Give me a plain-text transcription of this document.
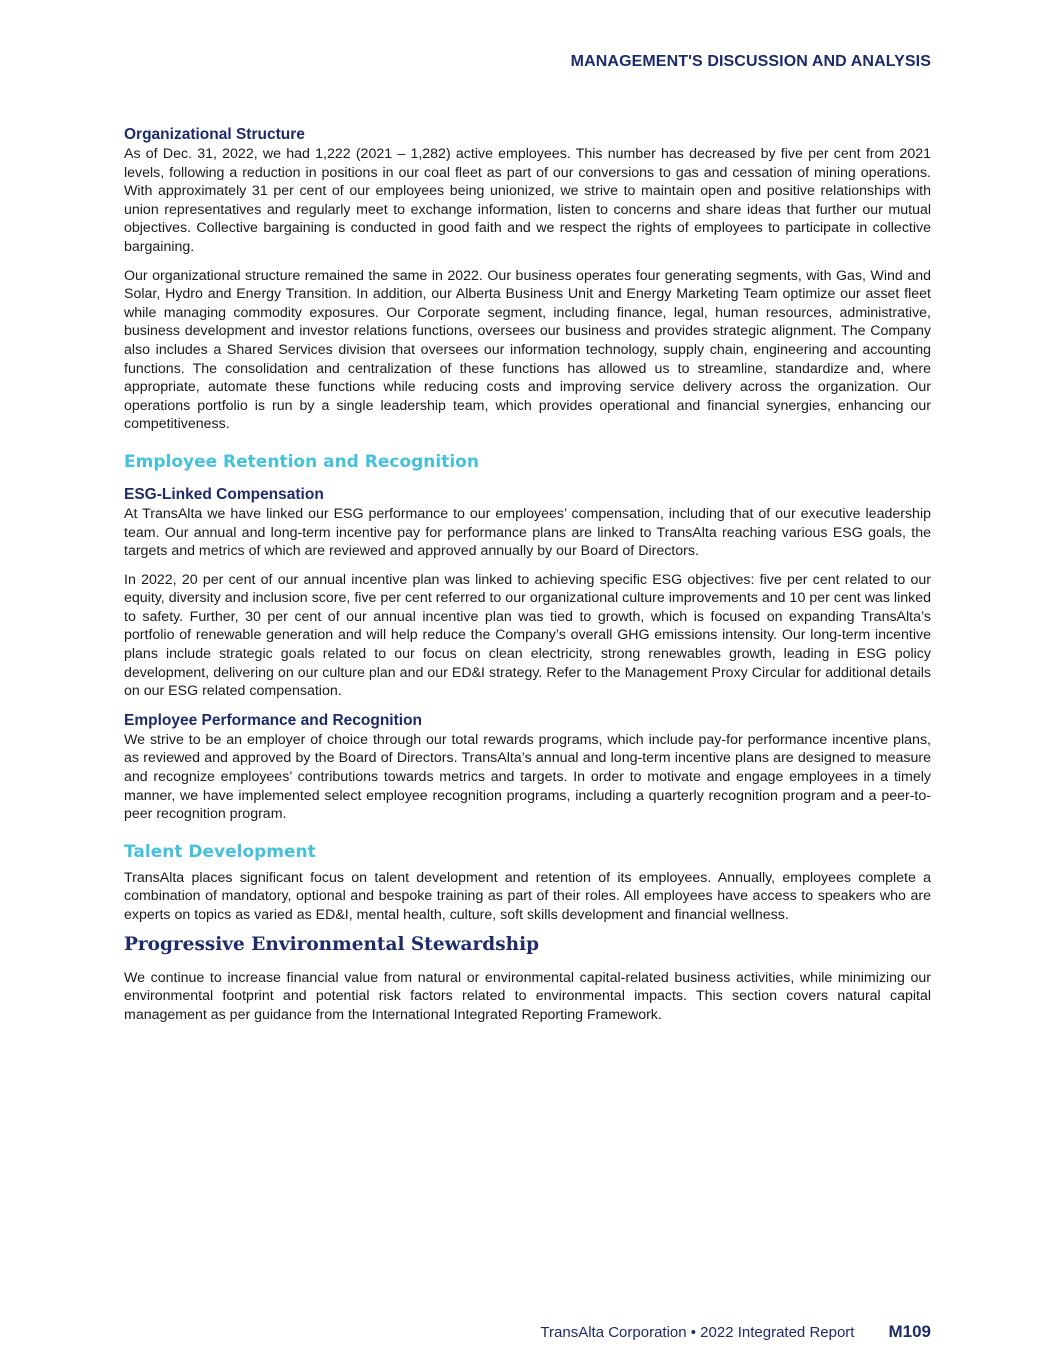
MANAGEMENT'S DISCUSSION AND ANALYSIS
Organizational Structure

As of Dec. 31, 2022, we had 1,222 (2021 – 1,282) active employees. This number has decreased by five per cent from 2021 levels, following a reduction in positions in our coal fleet as part of our conversions to gas and cessation of mining operations. With approximately 31 per cent of our employees being unionized, we strive to maintain open and positive relationships with union representatives and regularly meet to exchange information, listen to concerns and share ideas that further our mutual objectives. Collective bargaining is conducted in good faith and we respect the rights of employees to participate in collective bargaining.

Our organizational structure remained the same in 2022. Our business operates four generating segments, with Gas, Wind and Solar, Hydro and Energy Transition. In addition, our Alberta Business Unit and Energy Marketing Team optimize our asset fleet while managing commodity exposures. Our Corporate segment, including finance, legal, human resources, administrative, business development and investor relations functions, oversees our business and provides strategic alignment. The Company also includes a Shared Services division that oversees our information technology, supply chain, engineering and accounting functions. The consolidation and centralization of these functions has allowed us to streamline, standardize and, where appropriate, automate these functions while reducing costs and improving service delivery across the organization. Our operations portfolio is run by a single leadership team, which provides operational and financial synergies, enhancing our competitiveness.

Employee Retention and Recognition
ESG-Linked Compensation

At TransAlta we have linked our ESG performance to our employees’ compensation, including that of our executive leadership team. Our annual and long-term incentive pay for performance plans are linked to TransAlta reaching various ESG goals, the targets and metrics of which are reviewed and approved annually by our Board of Directors.

In 2022, 20 per cent of our annual incentive plan was linked to achieving specific ESG objectives: five per cent related to our equity, diversity and inclusion score, five per cent referred to our organizational culture improvements and 10 per cent was linked to safety. Further, 30 per cent of our annual incentive plan was tied to growth, which is focused on expanding TransAlta’s portfolio of renewable generation and will help reduce the Company’s overall GHG emissions intensity. Our long-term incentive plans include strategic goals related to our focus on clean electricity, strong renewables growth, leading in ESG policy development, delivering on our culture plan and our ED&I strategy. Refer to the Management Proxy Circular for additional details on our ESG related compensation.

Employee Performance and Recognition

We strive to be an employer of choice through our total rewards programs, which include pay-for performance incentive plans, as reviewed and approved by the Board of Directors. TransAlta’s annual and long-term incentive plans are designed to measure and recognize employees’ contributions towards metrics and targets. In order to motivate and engage employees in a timely manner, we have implemented select employee recognition programs, including a quarterly recognition program and a peer-to-peer recognition program.

Talent Development

TransAlta places significant focus on talent development and retention of its employees. Annually, employees complete a combination of mandatory, optional and bespoke training as part of their roles. All employees have access to speakers who are experts on topics as varied as ED&I, mental health, culture, soft skills development and financial wellness.

Progressive Environmental Stewardship

We continue to increase financial value from natural or environmental capital-related business activities, while minimizing our environmental footprint and potential risk factors related to environmental impacts. This section covers natural capital management as per guidance from the International Integrated Reporting Framework.

TransAlta Corporation • 2022 Integrated Report M109
